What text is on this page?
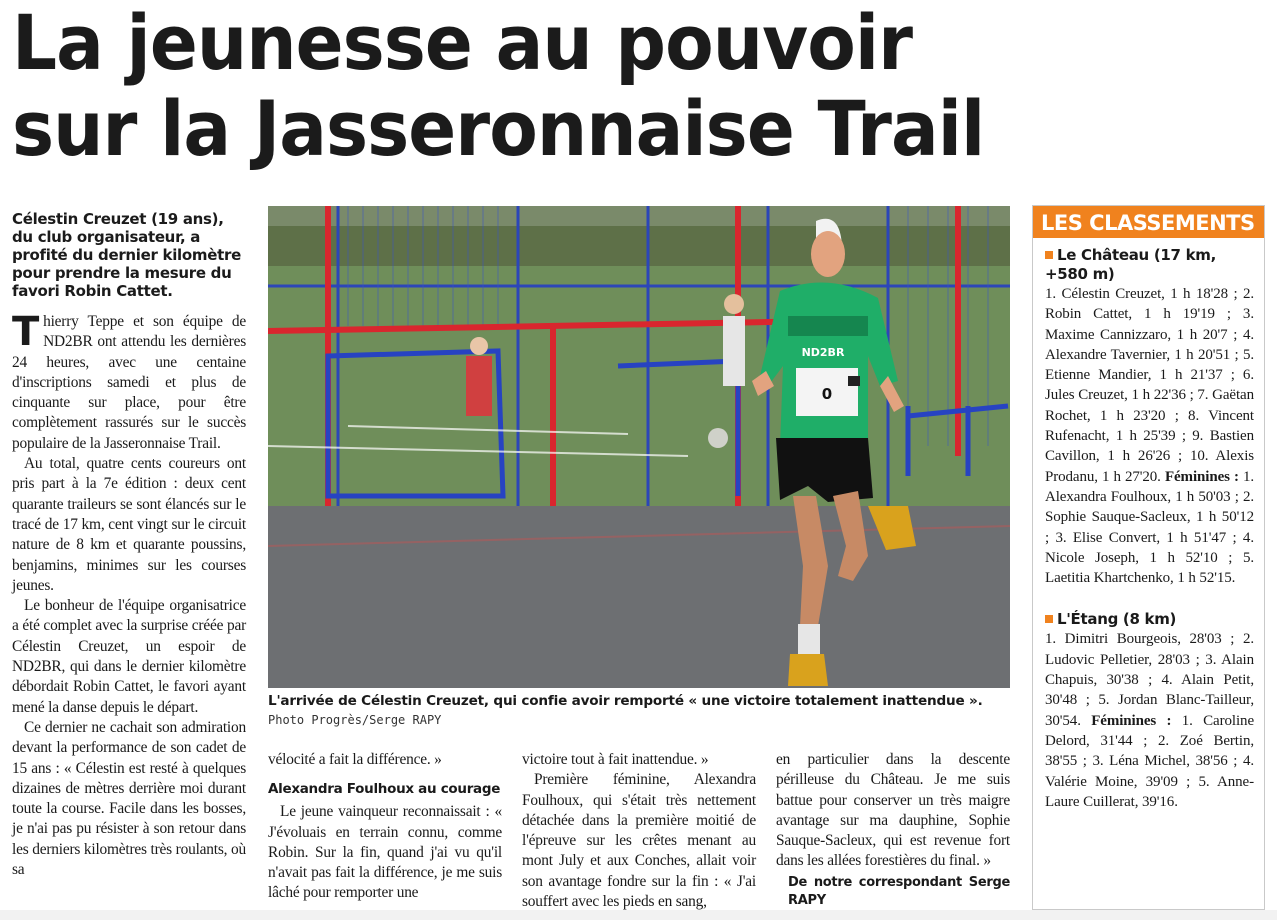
La jeunesse au pouvoir
sur la Jasseronnaise Trail
Célestin Creuzet (19 ans), du club organisateur, a profité du dernier kilomètre pour prendre la mesure du favori Robin Cattet.

Thierry Teppe et son équipe de ND2BR ont attendu les dernières 24 heures, avec une centaine d'inscriptions samedi et plus de cinquante sur place, pour être complètement rassurés sur le succès populaire de la Jasseronnaise Trail.

Au total, quatre cents coureurs ont pris part à la 7e édition : deux cent quarante traileurs se sont élancés sur le tracé de 17 km, cent vingt sur le circuit nature de 8 km et quarante poussins, benjamins, minimes sur les courses jeunes.

Le bonheur de l'équipe organisatrice a été complet avec la surprise créée par Célestin Creuzet, un espoir de ND2BR, qui dans le dernier kilomètre débordait Robin Cattet, le favori ayant mené la danse depuis le départ.

Ce dernier ne cachait son admiration devant la performance de son cadet de 15 ans : « Célestin est resté à quelques dizaines de mètres derrière moi durant toute la course. Facile dans les bosses, je n'ai pas pu résister à son retour dans les derniers kilomètres très roulants, où sa

0
ND2BR
L'arrivée de Célestin Creuzet, qui confie avoir remporté « une victoire totalement inattendue ».
Photo Progrès/Serge RAPY

vélocité a fait la différence. »

Alexandra Foulhoux au courage

Le jeune vainqueur reconnaissait : « J'évoluais en terrain connu, comme Robin. Sur la fin, quand j'ai vu qu'il n'avait pas fait la différence, je me suis lâché pour remporter une

victoire tout à fait inattendue. »

Première féminine, Alexandra Foulhoux, qui s'était très nettement détachée dans la première moitié de l'épreuve sur les crêtes menant au mont July et aux Conches, allait voir son avantage fondre sur la fin : « J'ai souffert avec les pieds en sang,

en particulier dans la descente périlleuse du Château. Je me suis battue pour conserver un très maigre avantage sur ma dauphine, Sophie Sauque-Sacleux, qui est revenue fort dans les allées forestières du final. »

De notre correspondant Serge RAPY
LES CLASSEMENTS
Le Château (17 km, +580 m)
1. Célestin Creuzet, 1 h 18'28 ; 2. Robin Cattet, 1 h 19'19 ; 3. Maxime Cannizzaro, 1 h 20'7 ; 4. Alexandre Tavernier, 1 h 20'51 ; 5. Etienne Mandier, 1 h 21'37 ; 6. Jules Creuzet, 1 h 22'36 ; 7. Gaëtan Rochet, 1 h 23'20 ; 8. Vincent Rufenacht, 1 h 25'39 ; 9. Bastien Cavillon, 1 h 26'26 ; 10. Alexis Prodanu, 1 h 27'20. Féminines : 1. Alexandra Foulhoux, 1 h 50'03 ; 2. Sophie Sauque-Sacleux, 1 h 50'12 ; 3. Elise Convert, 1 h 51'47 ; 4. Nicole Joseph, 1 h 52'10 ; 5. Laetitia Khartchenko, 1 h 52'15.
L'Étang (8 km)
1. Dimitri Bourgeois, 28'03 ; 2. Ludovic Pelletier, 28'03 ; 3. Alain Chapuis, 30'38 ; 4. Alain Petit, 30'48 ; 5. Jordan Blanc-Tailleur, 30'54. Féminines : 1. Caroline Delord, 31'44 ; 2. Zoé Bertin, 38'55 ; 3. Léna Michel, 38'56 ; 4. Valérie Moine, 39'09 ; 5. Anne-Laure Cuillerat, 39'16.
